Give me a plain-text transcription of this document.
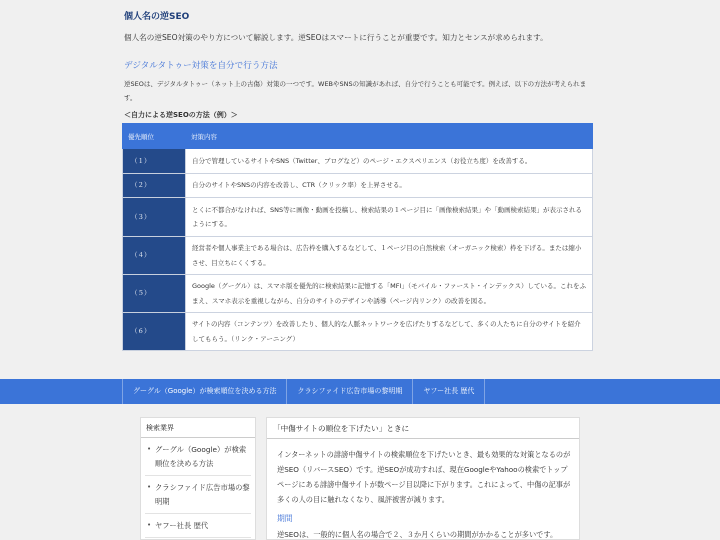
個人名の逆SEO
個人名の逆SEO対策のやり方について解説します。逆SEOはスマートに行うことが重要です。知力とセンスが求められます。
デジタルタトゥー対策を自分で行う方法
逆SEOは、デジタルタトゥー（ネット上の古傷）対策の一つです。WEBやSNSの知識があれば、自分で行うことも可能です。例えば、以下の方法が考えられます。
＜自力による逆SEOの方法（例）＞
優先順位	対策内容
（１）	自分で管理しているサイトやSNS（Twitter、ブログなど）のページ・エクスペリエンス（お役立ち度）を改善する。
（２）	自分のサイトやSNSの内容を改善し、CTR（クリック率）を上昇させる。
（３）	とくに不都合がなければ、SNS等に画像・動画を投稿し、検索結果の１ページ目に「画像検索結果」や「動画検索結果」が表示されるようにする。
（４）	経営者や個人事業主である場合は、広告枠を購入するなどして、１ページ目の自然検索（オーガニック検索）枠を下げる。または縮小させ、目立ちにくくする。
（５）	Google（グーグル）は、スマホ版を優先的に検索結果に記憶する「MFI」（モバイル・ファースト・インデックス）している。これをふまえ、スマホ表示を重視しながら、自分のサイトのデザインや誘導（ページ内リンク）の改善を図る。
（６）	サイトの内容（コンテンツ）を改善したり、個人的な人脈ネットワークを広げたりするなどして、多くの人たちに自分のサイトを紹介してもらう。（リンク・アーニング）
グーグル（Google）が検索順位を決める方法	クラシファイド広告市場の黎明期	ヤフー社長 歴代
検索業界
• グーグル（Google）が検索順位を決める方法
• クラシファイド広告市場の黎明期
• ヤフー社長 歴代
「中傷サイトの順位を下げたい」ときに
インターネットの誹謗中傷サイトの検索順位を下げたいとき、最も効果的な対策となるのが逆SEO（リバースSEO）です。逆SEOが成功すれば、現在GoogleやYahooの検索でトップページにある誹謗中傷サイトが数ページ目以降に下がります。これによって、中傷の記事が多くの人の目に触れなくなり、風評被害が減ります。
期間
逆SEOは、一般的に個人名の場合で２、３か月くらいの期間がかかることが多いです。
